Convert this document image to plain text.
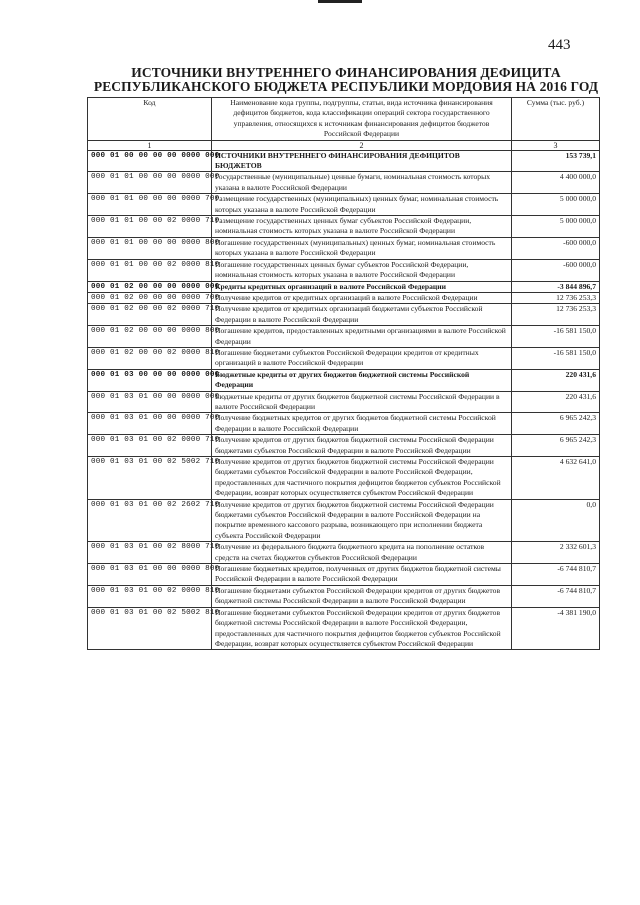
443
ИСТОЧНИКИ ВНУТРЕННЕГО ФИНАНСИРОВАНИЯ ДЕФИЦИТА
РЕСПУБЛИКАНСКОГО БЮДЖЕТА РЕСПУБЛИКИ МОРДОВИЯ НА 2016 ГОД
Код	Наименование кода группы, подгруппы, статьи, вида источника финансирования дефицитов бюджетов, кода классификации операций сектора государственного управления, относящихся к источникам финансирования дефицитов бюджетов Российской Федерации	Сумма (тыс. руб.)
1	2	3
000 01 00 00 00 00 0000 000	ИСТОЧНИКИ ВНУТРЕННЕГО ФИНАНСИРОВАНИЯ ДЕФИЦИТОВ БЮДЖЕТОВ	153 739,1
000 01 01 00 00 00 0000 000	Государственные (муниципальные) ценные бумаги, номинальная стоимость которых указана в валюте Российской Федерации	4 400 000,0
000 01 01 00 00 00 0000 700	Размещение государственных (муниципальных) ценных бумаг, номинальная стоимость которых указана в валюте Российской Федерации	5 000 000,0
000 01 01 00 00 02 0000 710	Размещение государственных ценных бумаг субъектов Российской Федерации, номинальная стоимость которых указана в валюте Российской Федерации	5 000 000,0
000 01 01 00 00 00 0000 800	Погашение государственных (муниципальных) ценных бумаг, номинальная стоимость которых указана в валюте Российской Федерации	-600 000,0
000 01 01 00 00 02 0000 810	Погашение государственных ценных бумаг субъектов Российской Федерации, номинальная стоимость которых указана в валюте Российской Федерации	-600 000,0
000 01 02 00 00 00 0000 000	Кредиты кредитных организаций в валюте Российской Федерации	-3 844 896,7
000 01 02 00 00 00 0000 700	Получение кредитов от кредитных организаций в валюте Российской Федерации	12 736 253,3
000 01 02 00 00 02 0000 710	Получение кредитов от кредитных организаций бюджетами субъектов Российской Федерации в валюте Российской Федерации	12 736 253,3
000 01 02 00 00 00 0000 800	Погашение кредитов, предоставленных кредитными организациями в валюте Российской Федерации	-16 581 150,0
000 01 02 00 00 02 0000 810	Погашение бюджетами субъектов Российской Федерации кредитов от кредитных организаций в валюте Российской Федерации	-16 581 150,0
000 01 03 00 00 00 0000 000	Бюджетные кредиты от других бюджетов бюджетной системы Российской Федерации	220 431,6
000 01 03 01 00 00 0000 000	Бюджетные кредиты от других бюджетов бюджетной системы Российской Федерации в валюте Российской Федерации	220 431,6
000 01 03 01 00 00 0000 700	Получение бюджетных кредитов от других бюджетов бюджетной системы Российской Федерации в валюте Российской Федерации	6 965 242,3
000 01 03 01 00 02 0000 710	Получение кредитов от других бюджетов бюджетной системы Российской Федерации бюджетами субъектов Российской Федерации в валюте Российской Федерации	6 965 242,3
000 01 03 01 00 02 5002 710	Получение кредитов от других бюджетов бюджетной системы Российской Федерации бюджетами субъектов Российской Федерации в валюте Российской Федерации, предоставленных для частичного покрытия дефицитов бюджетов субъектов Российской Федерации, возврат которых осуществляется субъектом Российской Федерации	4 632 641,0
000 01 03 01 00 02 2602 710	Получение кредитов от других бюджетов бюджетной системы Российской Федерации бюджетами субъектов Российской Федерации в валюте Российской Федерации на покрытие временного кассового разрыва, возникающего при исполнении бюджета субъекта Российской Федерации	0,0
000 01 03 01 00 02 8000 710	Получение из федерального бюджета бюджетного кредита на пополнение остатков средств на счетах бюджетов субъектов Российской Федерации	2 332 601,3
000 01 03 01 00 00 0000 800	Погашение бюджетных кредитов, полученных от других бюджетов бюджетной системы Российской Федерации в валюте Российской Федерации	-6 744 810,7
000 01 03 01 00 02 0000 810	Погашение бюджетами субъектов Российской Федерации кредитов от других бюджетов бюджетной системы Российской Федерации в валюте Российской Федерации	-6 744 810,7
000 01 03 01 00 02 5002 810	Погашение бюджетами субъектов Российской Федерации кредитов от других бюджетов бюджетной системы Российской Федерации в валюте Российской Федерации, предоставленных для частичного покрытия дефицитов бюджетов субъектов Российской Федерации, возврат которых осуществляется субъектом Российской Федерации	-4 381 190,0
